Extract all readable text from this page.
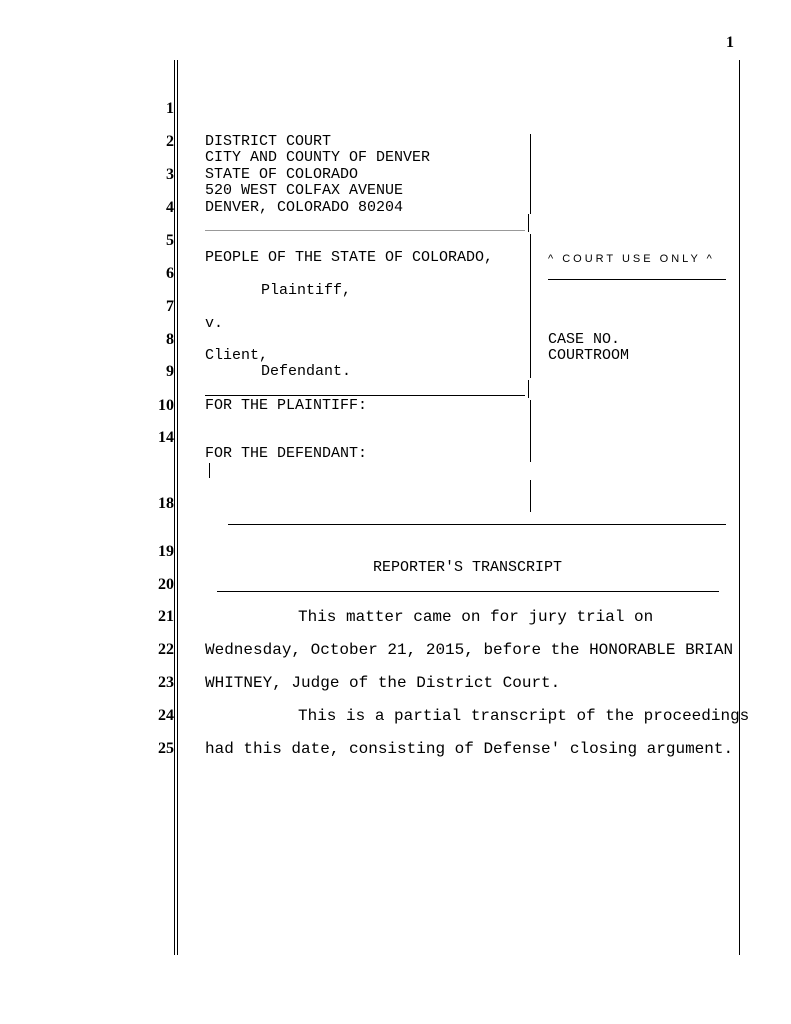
1
1
2
3
4
5
6
7
8
9
10
14
18
19
20
21
22
23
24
25
DISTRICT COURT
CITY AND COUNTY OF DENVER
STATE OF COLORADO
520 WEST COLFAX AVENUE
DENVER, COLORADO 80204
PEOPLE OF THE STATE OF COLORADO,
Plaintiff,
v.
Client,
Defendant.
FOR THE PLAINTIFF:
FOR THE DEFENDANT:
^ COURT USE ONLY ^
CASE NO.
COURTROOM
REPORTER'S TRANSCRIPT
This matter came on for jury trial on
Wednesday, October 21, 2015, before the HONORABLE BRIAN
WHITNEY, Judge of the District Court.
This is a partial transcript of the proceedings
had this date, consisting of Defense' closing argument.
